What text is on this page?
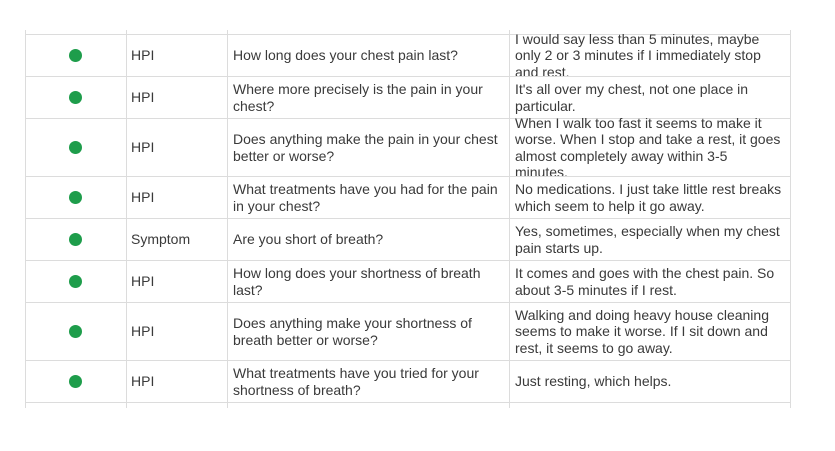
HPI	How long does your chest pain last?
I would say less than 5 minutes, maybe only 2 or 3 minutes if I immediately stop and rest.
HPI
Where more precisely is the pain in your chest?
It's all over my chest, not one place in particular.
HPI
Does anything make the pain in your chest better or worse?
When I walk too fast it seems to make it worse. When I stop and take a rest, it goes almost completely away within 3-5 minutes.
HPI
What treatments have you had for the pain in your chest?
No medications. I just take little rest breaks which seem to help it go away.
Symptom	Are you short of breath?
Yes, sometimes, especially when my chest pain starts up.
HPI
How long does your shortness of breath last?
It comes and goes with the chest pain. So about 3-5 minutes if I rest.
HPI
Does anything make your shortness of breath better or worse?
Walking and doing heavy house cleaning seems to make it worse. If I sit down and rest, it seems to go away.
HPI
What treatments have you tried for your shortness of breath?
Just resting, which helps.
